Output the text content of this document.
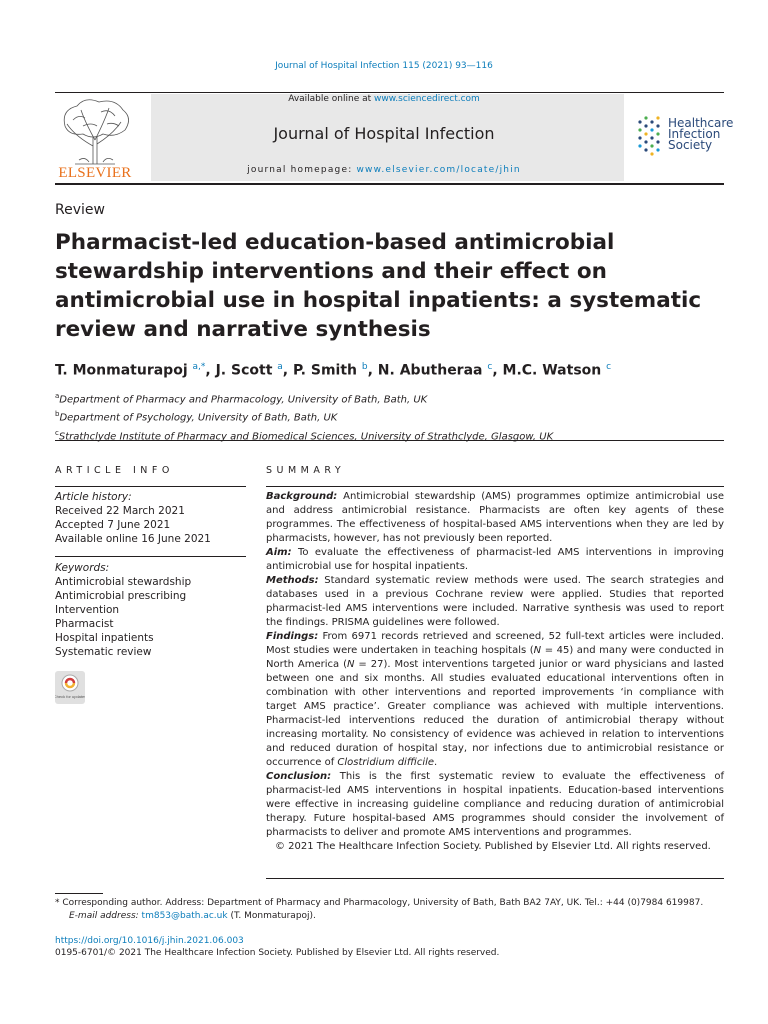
Journal of Hospital Infection 115 (2021) 93—116
ELSEVIER
Available online at www.sciencedirect.com
Journal of Hospital Infection
journal homepage: www.elsevier.com/locate/jhin
Healthcare
Infection
Society
Review
Pharmacist-led education-based antimicrobial stewardship interventions and their effect on antimicrobial use in hospital inpatients: a systematic review and narrative synthesis
T. Monmaturapoj $^{a,*}$, J. Scott $^a$, P. Smith $^b$, N. Abutheraa $^c$, M.C. Watson $^c$
$^a$Department of Pharmacy and Pharmacology, University of Bath, Bath, UK
$^b$Department of Psychology, University of Bath, Bath, UK
$^c$Strathclyde Institute of Pharmacy and Biomedical Sciences, University of Strathclyde, Glasgow, UK
ARTICLE INFO
Article history:
Received 22 March 2021
Accepted 7 June 2021
Available online 16 June 2021
Keywords:
Antimicrobial stewardship
Antimicrobial prescribing
Intervention
Pharmacist
Hospital inpatients
Systematic review
Check for updates
SUMMARY

Background: Antimicrobial stewardship (AMS) programmes optimize antimicrobial use and address antimicrobial resistance. Pharmacists are often key agents of these programmes. The effectiveness of hospital-based AMS interventions when they are led by pharmacists, however, has not previously been reported.

Aim: To evaluate the effectiveness of pharmacist-led AMS interventions in improving antimicrobial use for hospital inpatients.

Methods: Standard systematic review methods were used. The search strategies and databases used in a previous Cochrane review were applied. Studies that reported pharmacist-led AMS interventions were included. Narrative synthesis was used to report the findings. PRISMA guidelines were followed.

Findings: From 6971 records retrieved and screened, 52 full-text articles were included. Most studies were undertaken in teaching hospitals (N = 45) and many were conducted in North America (N = 27). Most interventions targeted junior or ward physicians and lasted between one and six months. All studies evaluated educational interventions often in combination with other interventions and reported improvements ‘in compliance with target AMS practice’. Greater compliance was achieved with multiple interventions. Pharmacist-led interventions reduced the duration of antimicrobial therapy without increasing mortality. No consistency of evidence was achieved in relation to interventions and reduced duration of hospital stay, nor infections due to antimicrobial resistance or occurrence of Clostridium difficile.

Conclusion: This is the first systematic review to evaluate the effectiveness of pharmacist-led AMS interventions in hospital inpatients. Education-based interventions were effective in increasing guideline compliance and reducing duration of antimicrobial therapy. Future hospital-based AMS programmes should consider the involvement of pharmacists to deliver and promote AMS interventions and programmes.

© 2021 The Healthcare Infection Society. Published by Elsevier Ltd. All rights reserved.

* Corresponding author. Address: Department of Pharmacy and Pharmacology, University of Bath, Bath BA2 7AY, UK. Tel.: +44 (0)7984 619987.
E-mail address: tm853@bath.ac.uk (T. Monmaturapoj).
https://doi.org/10.1016/j.jhin.2021.06.003
0195-6701/© 2021 The Healthcare Infection Society. Published by Elsevier Ltd. All rights reserved.
